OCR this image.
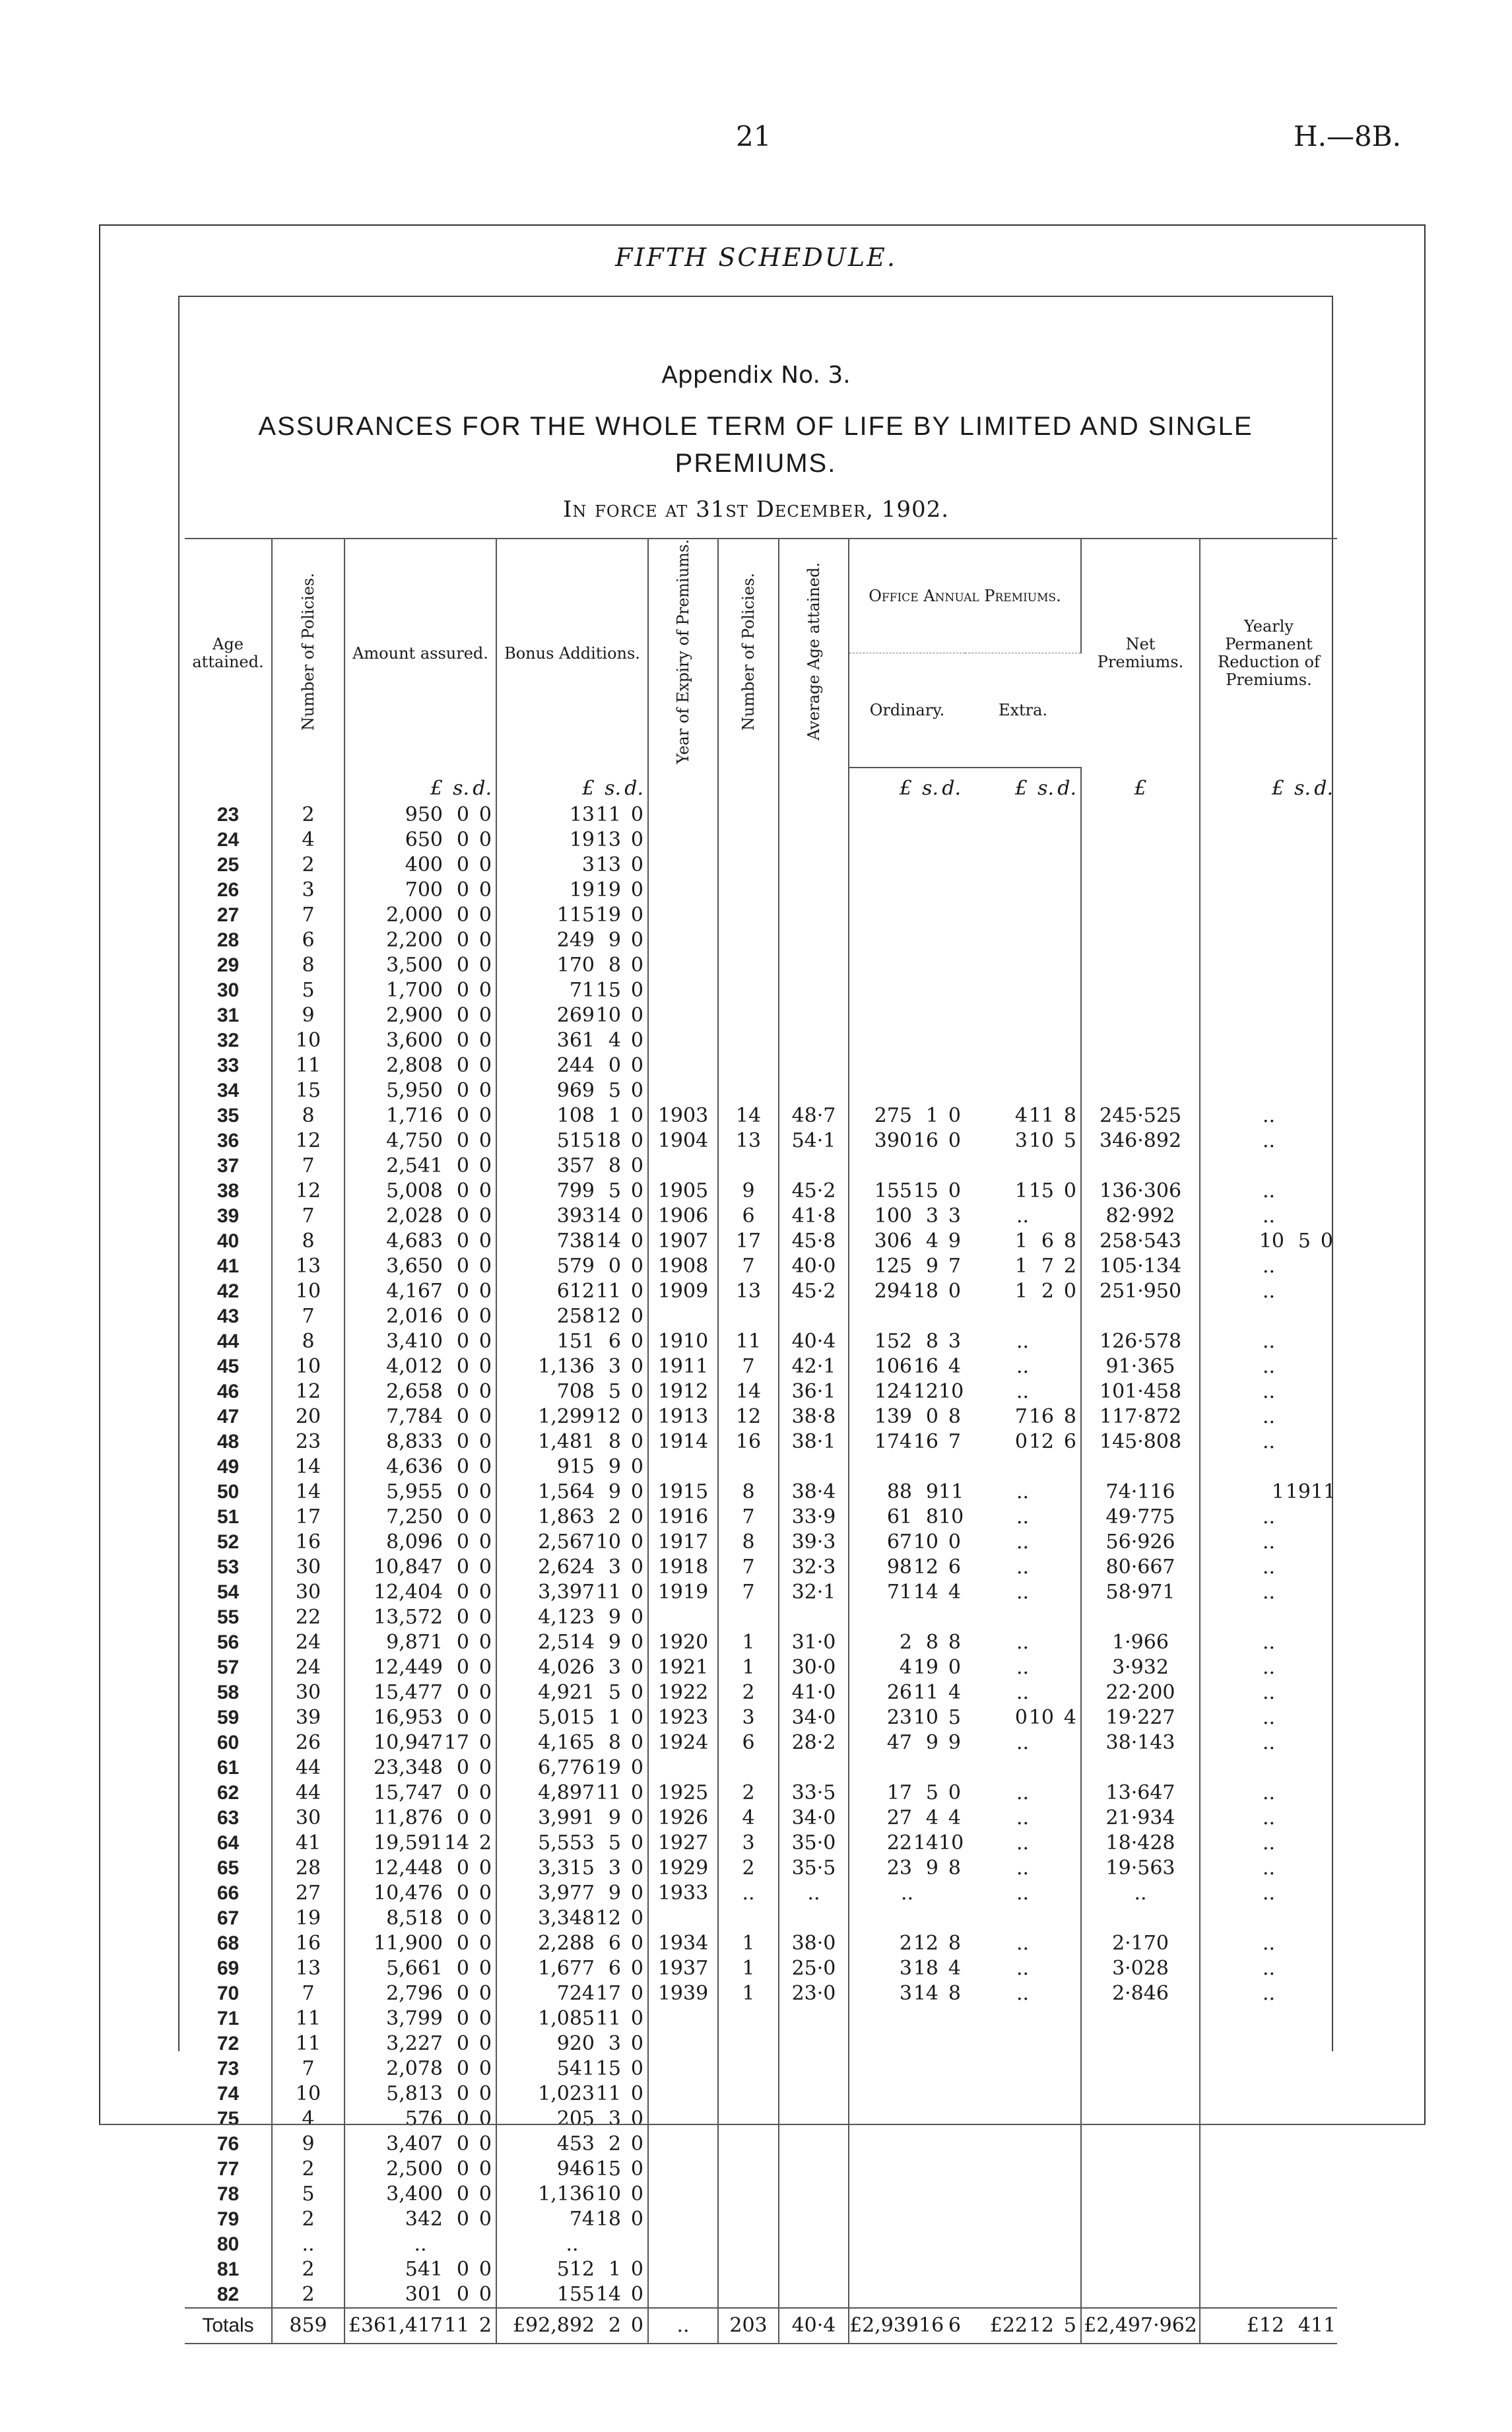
21	H.—8B.
FIFTH SCHEDULE.
Appendix No. 3.
ASSURANCES FOR THE WHOLE TERM OF LIFE BY LIMITED AND SINGLE PREMIUMS.
In force at 31st December, 1902.
Age attained.	Number of Policies.	Amount assured.	Bonus Additions.	Year of Expiry of Premiums.	Number of Policies.	Average Age attained.	Office Annual Premiums.		Net Premiums.	Yearly Permanent Reduction of Premiums.
							Ordinary.	Extra.		

		£ s. d.	£ s. d.				£ s. d.	£ s. d.	£	£ s. d.

23	2	950 0 0	13 11 0							

24	4	650 0 0	19 13 0							

25	2	400 0 0	3 13 0							

26	3	700 0 0	19 19 0							

27	7	2,000 0 0	115 19 0							

28	6	2,200 0 0	249 9 0							

29	8	3,500 0 0	170 8 0							

30	5	1,700 0 0	71 15 0							

31	9	2,900 0 0	269 10 0							

32	10	3,600 0 0	361 4 0							

33	11	2,808 0 0	244 0 0							

34	15	5,950 0 0	969 5 0							

35	8	1,716 0 0	108 1 0	1903	14	48·7	275 1 0	4 11 8	245·525	..
36	12	4,750 0 0	515 18 0	1904	13	54·1	390 16 0	3 10 5	346·892	..
37	7	2,541 0 0	357 8 0							

38	12	5,008 0 0	799 5 0	1905	9	45·2	155 15 0	1 15 0	136·306	..
39	7	2,028 0 0	393 14 0	1906	6	41·8	100 3 3	..	82·992	..
40	8	4,683 0 0	738 14 0	1907	17	45·8	306 4 9	1 6 8	258·543	10 5 0

41	13	3,650 0 0	579 0 0	1908	7	40·0	125 9 7	1 7 2	105·134	..
42	10	4,167 0 0	612 11 0	1909	13	45·2	294 18 0	1 2 0	251·950	..
43	7	2,016 0 0	258 12 0							

44	8	3,410 0 0	151 6 0	1910	11	40·4	152 8 3	..	126·578	..
45	10	4,012 0 0	1,136 3 0	1911	7	42·1	106 16 4	..	91·365	..
46	12	2,658 0 0	708 5 0	1912	14	36·1	124 12 10	..	101·458	..
47	20	7,784 0 0	1,299 12 0	1913	12	38·8	139 0 8	7 16 8	117·872	..
48	23	8,833 0 0	1,481 8 0	1914	16	38·1	174 16 7	0 12 6	145·808	..
49	14	4,636 0 0	915 9 0							

50	14	5,955 0 0	1,564 9 0	1915	8	38·4	88 9 11	..	74·116	1 19 11

51	17	7,250 0 0	1,863 2 0	1916	7	33·9	61 8 10	..	49·775	..
52	16	8,096 0 0	2,567 10 0	1917	8	39·3	67 10 0	..	56·926	..
53	30	10,847 0 0	2,624 3 0	1918	7	32·3	98 12 6	..	80·667	..
54	30	12,404 0 0	3,397 11 0	1919	7	32·1	71 14 4	..	58·971	..
55	22	13,572 0 0	4,123 9 0							

56	24	9,871 0 0	2,514 9 0	1920	1	31·0	2 8 8	..	1·966	..
57	24	12,449 0 0	4,026 3 0	1921	1	30·0	4 19 0	..	3·932	..
58	30	15,477 0 0	4,921 5 0	1922	2	41·0	26 11 4	..	22·200	..
59	39	16,953 0 0	5,015 1 0	1923	3	34·0	23 10 5	0 10 4	19·227	..
60	26	10,947 17 0	4,165 8 0	1924	6	28·2	47 9 9	..	38·143	..
61	44	23,348 0 0	6,776 19 0							

62	44	15,747 0 0	4,897 11 0	1925	2	33·5	17 5 0	..	13·647	..
63	30	11,876 0 0	3,991 9 0	1926	4	34·0	27 4 4	..	21·934	..
64	41	19,591 14 2	5,553 5 0	1927	3	35·0	22 14 10	..	18·428	..
65	28	12,448 0 0	3,315 3 0	1929	2	35·5	23 9 8	..	19·563	..
66	27	10,476 0 0	3,977 9 0	1933	..	..	..	..	..	..
67	19	8,518 0 0	3,348 12 0							

68	16	11,900 0 0	2,288 6 0	1934	1	38·0	2 12 8	..	2·170	..
69	13	5,661 0 0	1,677 6 0	1937	1	25·0	3 18 4	..	3·028	..
70	7	2,796 0 0	724 17 0	1939	1	23·0	3 14 8	..	2·846	..
71	11	3,799 0 0	1,085 11 0							

72	11	3,227 0 0	920 3 0							

73	7	2,078 0 0	541 15 0							

74	10	5,813 0 0	1,023 11 0							

75	4	576 0 0	205 3 0							

76	9	3,407 0 0	453 2 0							

77	2	2,500 0 0	946 15 0							

78	5	3,400 0 0	1,136 10 0							

79	2	342 0 0	74 18 0							

80	..	..	..							
81	2	541 0 0	512 1 0							

82	2	301 0 0	155 14 0							

Totals	859	£361,417 11 2	£92,892 2 0	..	203	40·4	£2,939 16 6	£22 12 5	£2,497·962	£12 4 11
